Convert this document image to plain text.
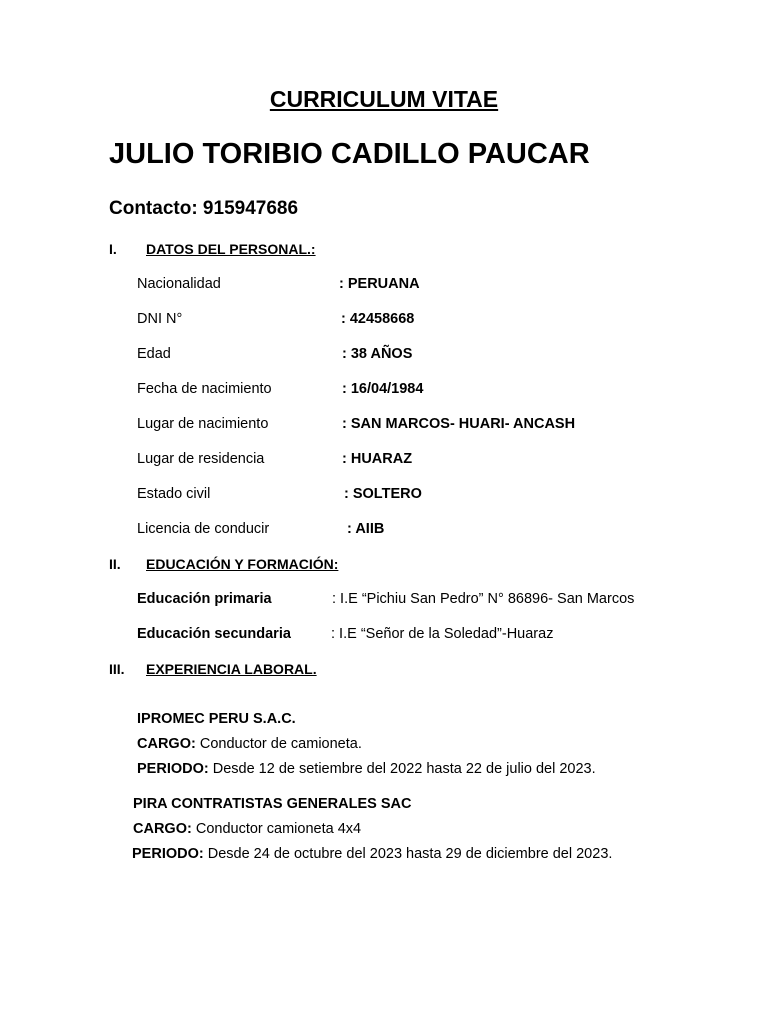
CURRICULUM VITAE
JULIO TORIBIO CADILLO PAUCAR
Contacto: 915947686
I. DATOS DEL PERSONAL.:
Nacionalidad	: PERUANA
DNI N°	: 42458668
Edad	: 38 AÑOS
Fecha de nacimiento	: 16/04/1984
Lugar de nacimiento	: SAN MARCOS- HUARI- ANCASH
Lugar de residencia	: HUARAZ
Estado civil	: SOLTERO
Licencia de conducir	: AIIB
II. EDUCACIÓN Y FORMACIÓN:
Educación primaria	: I.E “Pichiu San Pedro” N° 86896- San Marcos
Educación secundaria	: I.E “Señor de la Soledad”-Huaraz
III. EXPERIENCIA LABORAL.
IPROMEC PERU S.A.C.
CARGO: Conductor de camioneta.
PERIODO: Desde 12 de setiembre del 2022 hasta 22 de julio del 2023.
PIRA CONTRATISTAS GENERALES SAC
CARGO: Conductor camioneta 4x4
PERIODO: Desde 24 de octubre del 2023 hasta 29 de diciembre del 2023.
